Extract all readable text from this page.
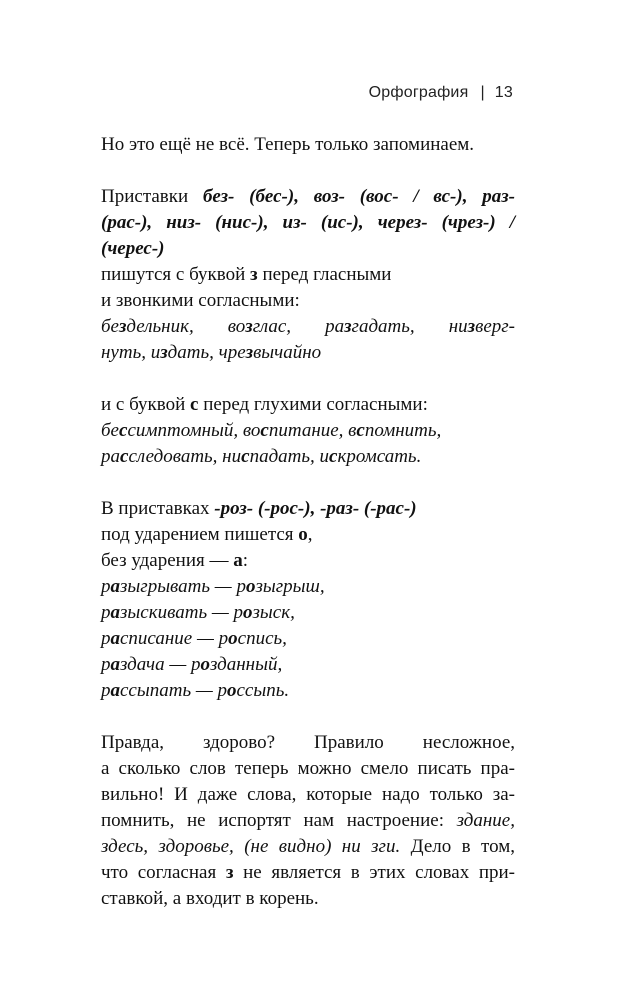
Орфография | 13
Но это ещё не всё. Теперь только запоминаем.
Приставки без- (бес-), воз- (вос- / вс-), раз-
(рас-), низ- (нис-), из- (ис-), через- (чрез-) /
(черес-)
пишутся с буквой з перед гласными
и звонкими согласными:
бездельник, возглас, разгадать, низверг-
нуть, издать, чрезвычайно
и с буквой с перед глухими согласными:
бессимптомный, воспитание, вспомнить,
расследовать, ниспадать, искромсать.
В приставках -роз- (-рос-), -раз- (-рас-)
под ударением пишется о,
без ударения — а:
разыгрывать — розыгрыш,
разыскивать — розыск,
расписание — роспись,
раздача — розданный,
рассыпать — россыпь.
Правда, здорово? Правило несложное,
а сколько слов теперь можно смело писать пра-
вильно! И даже слова, которые надо только за-
помнить, не испортят нам настроение: здание,
здесь, здоровье, (не видно) ни зги. Дело в том,
что согласная з не является в этих словах при-
ставкой, а входит в корень.
